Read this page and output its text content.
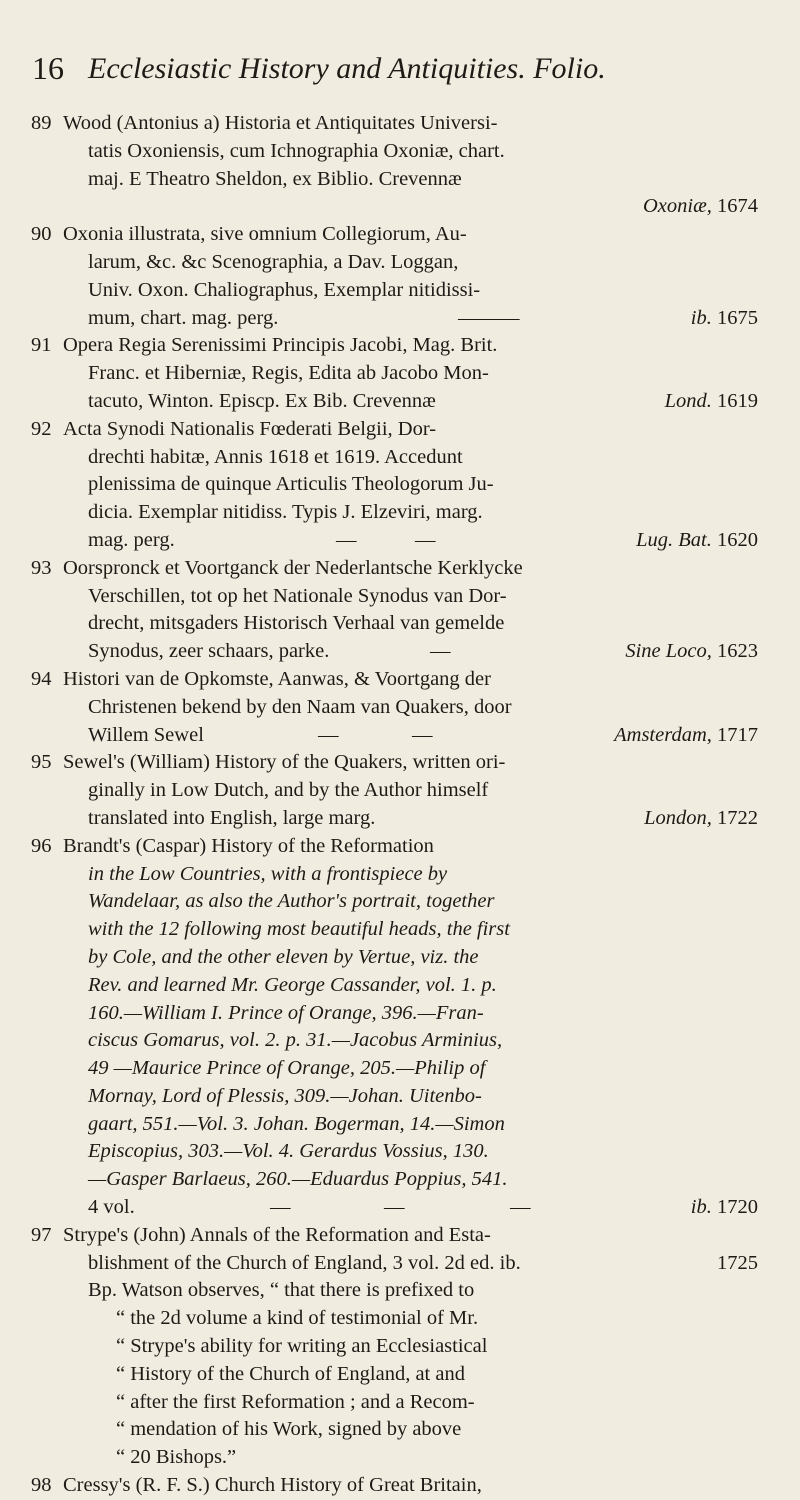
16 Ecclesiastic History and Antiquities. Folio.
89 Wood (Antonius a) Historia et Antiquitates Universi-
tatis Oxoniensis, cum Ichnographia Oxoniæ, chart.
maj. E Theatro Sheldon, ex Biblio. Crevennæ
Oxoniæ, 1674
90 Oxonia illustrata, sive omnium Collegiorum, Au-
larum, &c. &c Scenographia, a Dav. Loggan,
Univ. Oxon. Chaliographus, Exemplar nitidissi-
mum, chart. mag. perg.	———	ib. 1675
91 Opera Regia Serenissimi Principis Jacobi, Mag. Brit.
Franc. et Hiberniæ, Regis, Edita ab Jacobo Mon-
tacuto, Winton. Episcp. Ex Bib. Crevennæ	Lond. 1619
92 Acta Synodi Nationalis Fœderati Belgii, Dor-
drechti habitæ, Annis 1618 et 1619. Accedunt
plenissima de quinque Articulis Theologorum Ju-
dicia. Exemplar nitidiss. Typis J. Elzeviri, marg.
mag. perg.	—	—	Lug. Bat. 1620
93 Oorspronck et Voortganck der Nederlantsche Kerklycke
Verschillen, tot op het Nationale Synodus van Dor-
drecht, mitsgaders Historisch Verhaal van gemelde
Synodus, zeer schaars, parke.	—	Sine Loco, 1623
94 Histori van de Opkomste, Aanwas, & Voortgang der
Christenen bekend by den Naam van Quakers, door
Willem Sewel	—	—	Amsterdam, 1717
95 Sewel's (William) History of the Quakers, written ori-
ginally in Low Dutch, and by the Author himself
translated into English, large marg.	London, 1722
96 Brandt's (Caspar) History of the Reformation
in the Low Countries, with a frontispiece by
Wandelaar, as also the Author's portrait, together
with the 12 following most beautiful heads, the first
by Cole, and the other eleven by Vertue, viz. the
Rev. and learned Mr. George Cassander, vol. 1. p.
160.—William I. Prince of Orange, 396.—Fran-
ciscus Gomarus, vol. 2. p. 31.—Jacobus Arminius,
49 —Maurice Prince of Orange, 205.—Philip of
Mornay, Lord of Plessis, 309.—Johan. Uitenbo-
gaart, 551.—Vol. 3. Johan. Bogerman, 14.—Simon
Episcopius, 303.—Vol. 4. Gerardus Vossius, 130.
—Gasper Barlaeus, 260.—Eduardus Poppius, 541.
4 vol.	—	—	—	ib. 1720
97 Strype's (John) Annals of the Reformation and Esta-
blishment of the Church of England, 3 vol. 2d ed. ib.	1725
Bp. Watson observes, “ that there is prefixed to
“ the 2d volume a kind of testimonial of Mr.
“ Strype's ability for writing an Ecclesiastical
“ History of the Church of England, at and
“ after the first Reformation ; and a Recom-
“ mendation of his Work, signed by above
“ 20 Bishops.”
98 Cressy's (R. F. S.) Church History of Great Britain,
